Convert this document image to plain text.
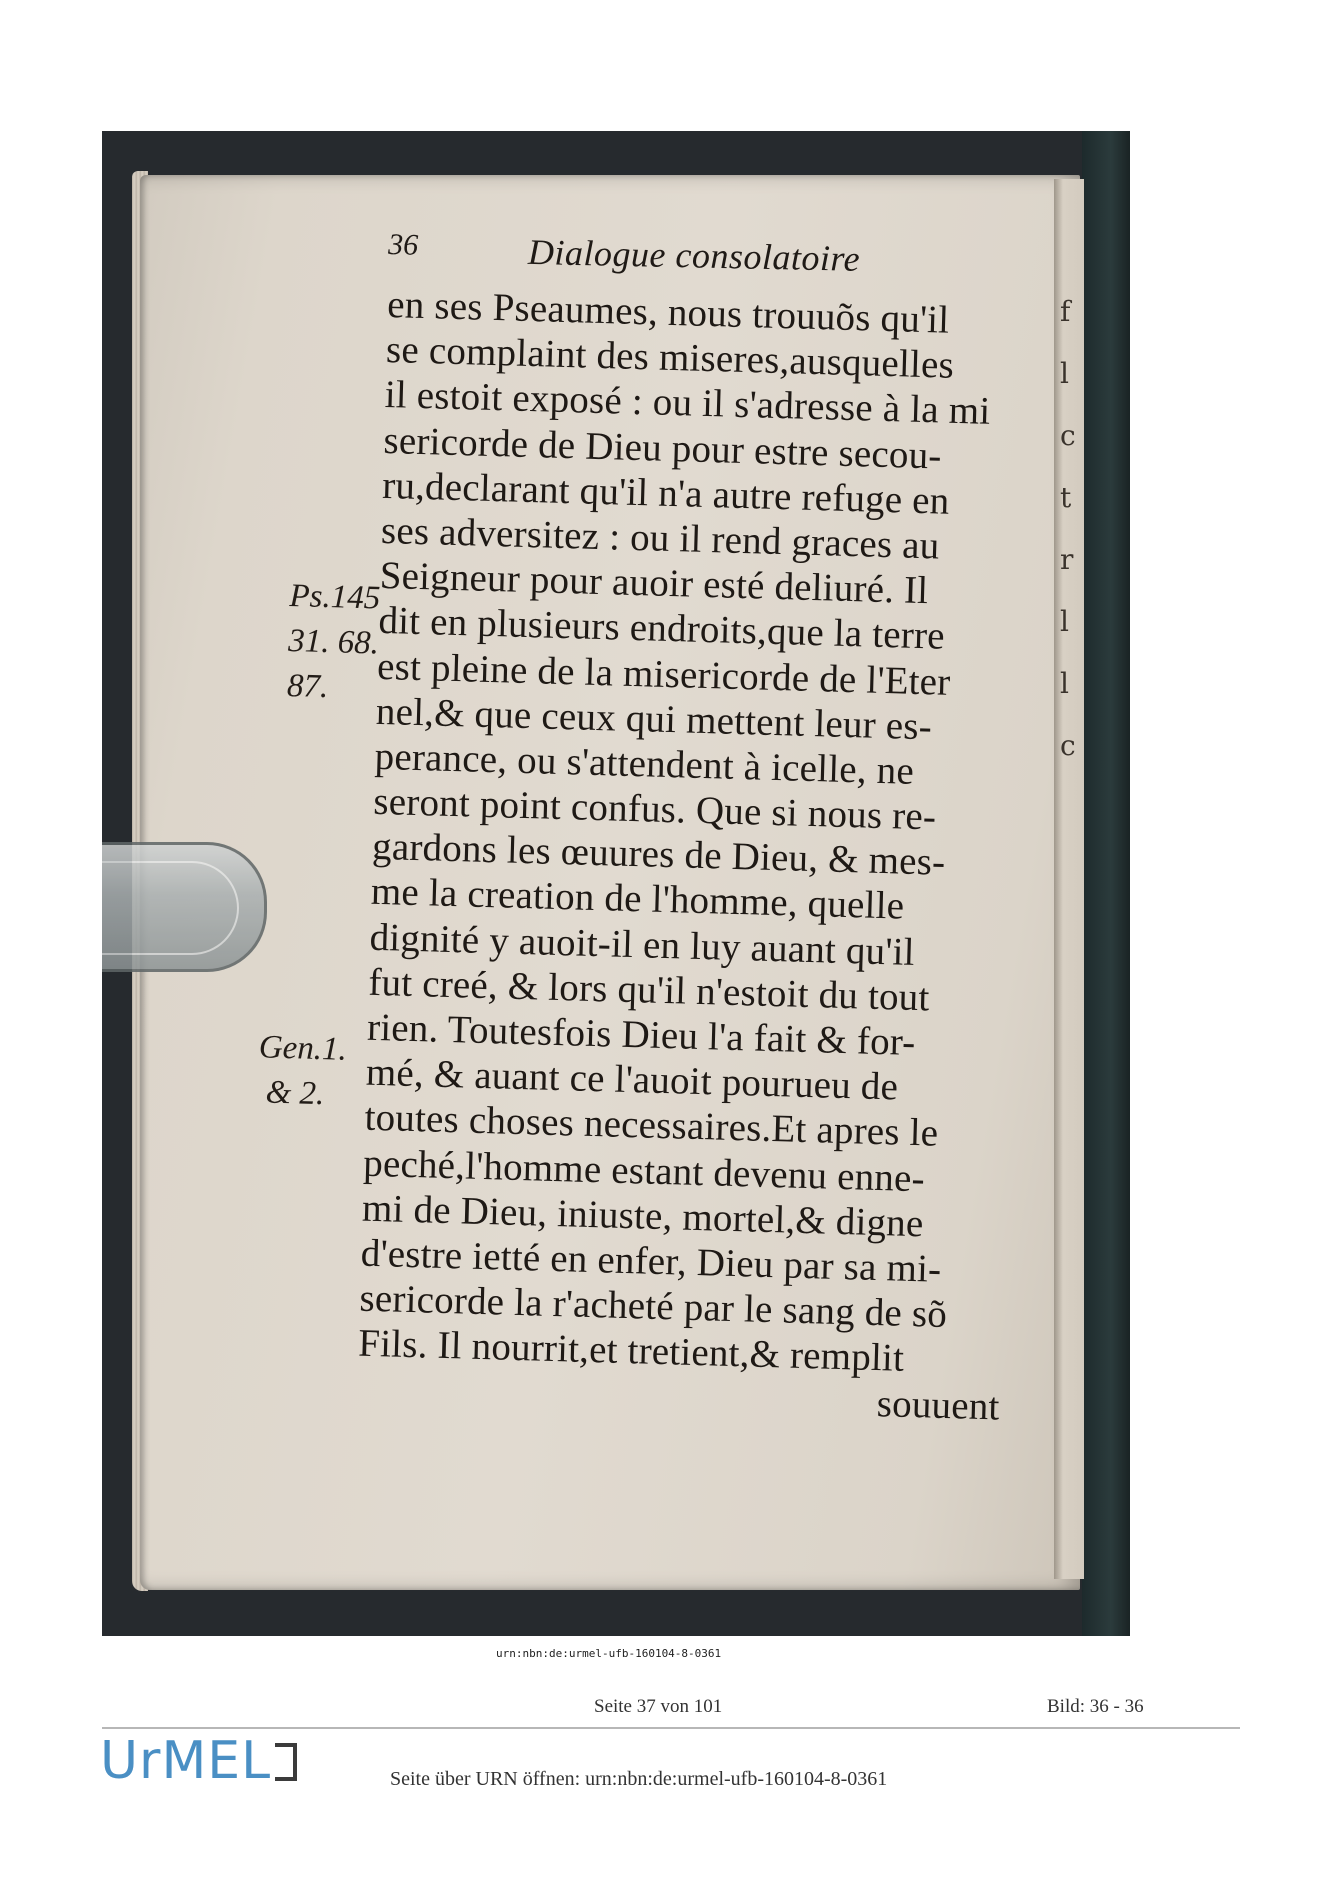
f
l
c
t
r
l
l
c
36	Dialogue consolatoire
en ses Pseaumes, nous trouuõs qu'il
se complaint des miseres,ausquelles
il estoit exposé : ou il s'adresse à la mi
sericorde de Dieu pour estre secou-
ru,declarant qu'il n'a autre refuge en
ses adversitez : ou il rend graces au
Seigneur pour auoir esté deliuré. Il
dit en plusieurs endroits,que la terre
est pleine de la misericorde de l'Eter
nel,& que ceux qui mettent leur es-
perance, ou s'attendent à icelle, ne
seront point confus. Que si nous re-
gardons les œuures de Dieu, & mes-
me la creation de l'homme, quelle
dignité y auoit-il en luy auant qu'il
fut creé, & lors qu'il n'estoit du tout
rien. Toutesfois Dieu l'a fait & for-
mé, & auant ce l'auoit pourueu de
toutes choses necessaires.Et apres le
peché,l'homme estant devenu enne-
mi de Dieu, iniuste, mortel,& digne
d'estre ietté en enfer, Dieu par sa mi-
sericorde la r'acheté par le sang de sõ
Fils. Il nourrit,et tretient,& remplit
souuent
Ps.145
31. 68.
87.
Gen.1.
& 2.
urn:nbn:de:urmel-ufb-160104-8-0361
Seite 37 von 101	Bild: 36 - 36
UrMEL	Seite über URN öffnen: urn:nbn:de:urmel-ufb-160104-8-0361
